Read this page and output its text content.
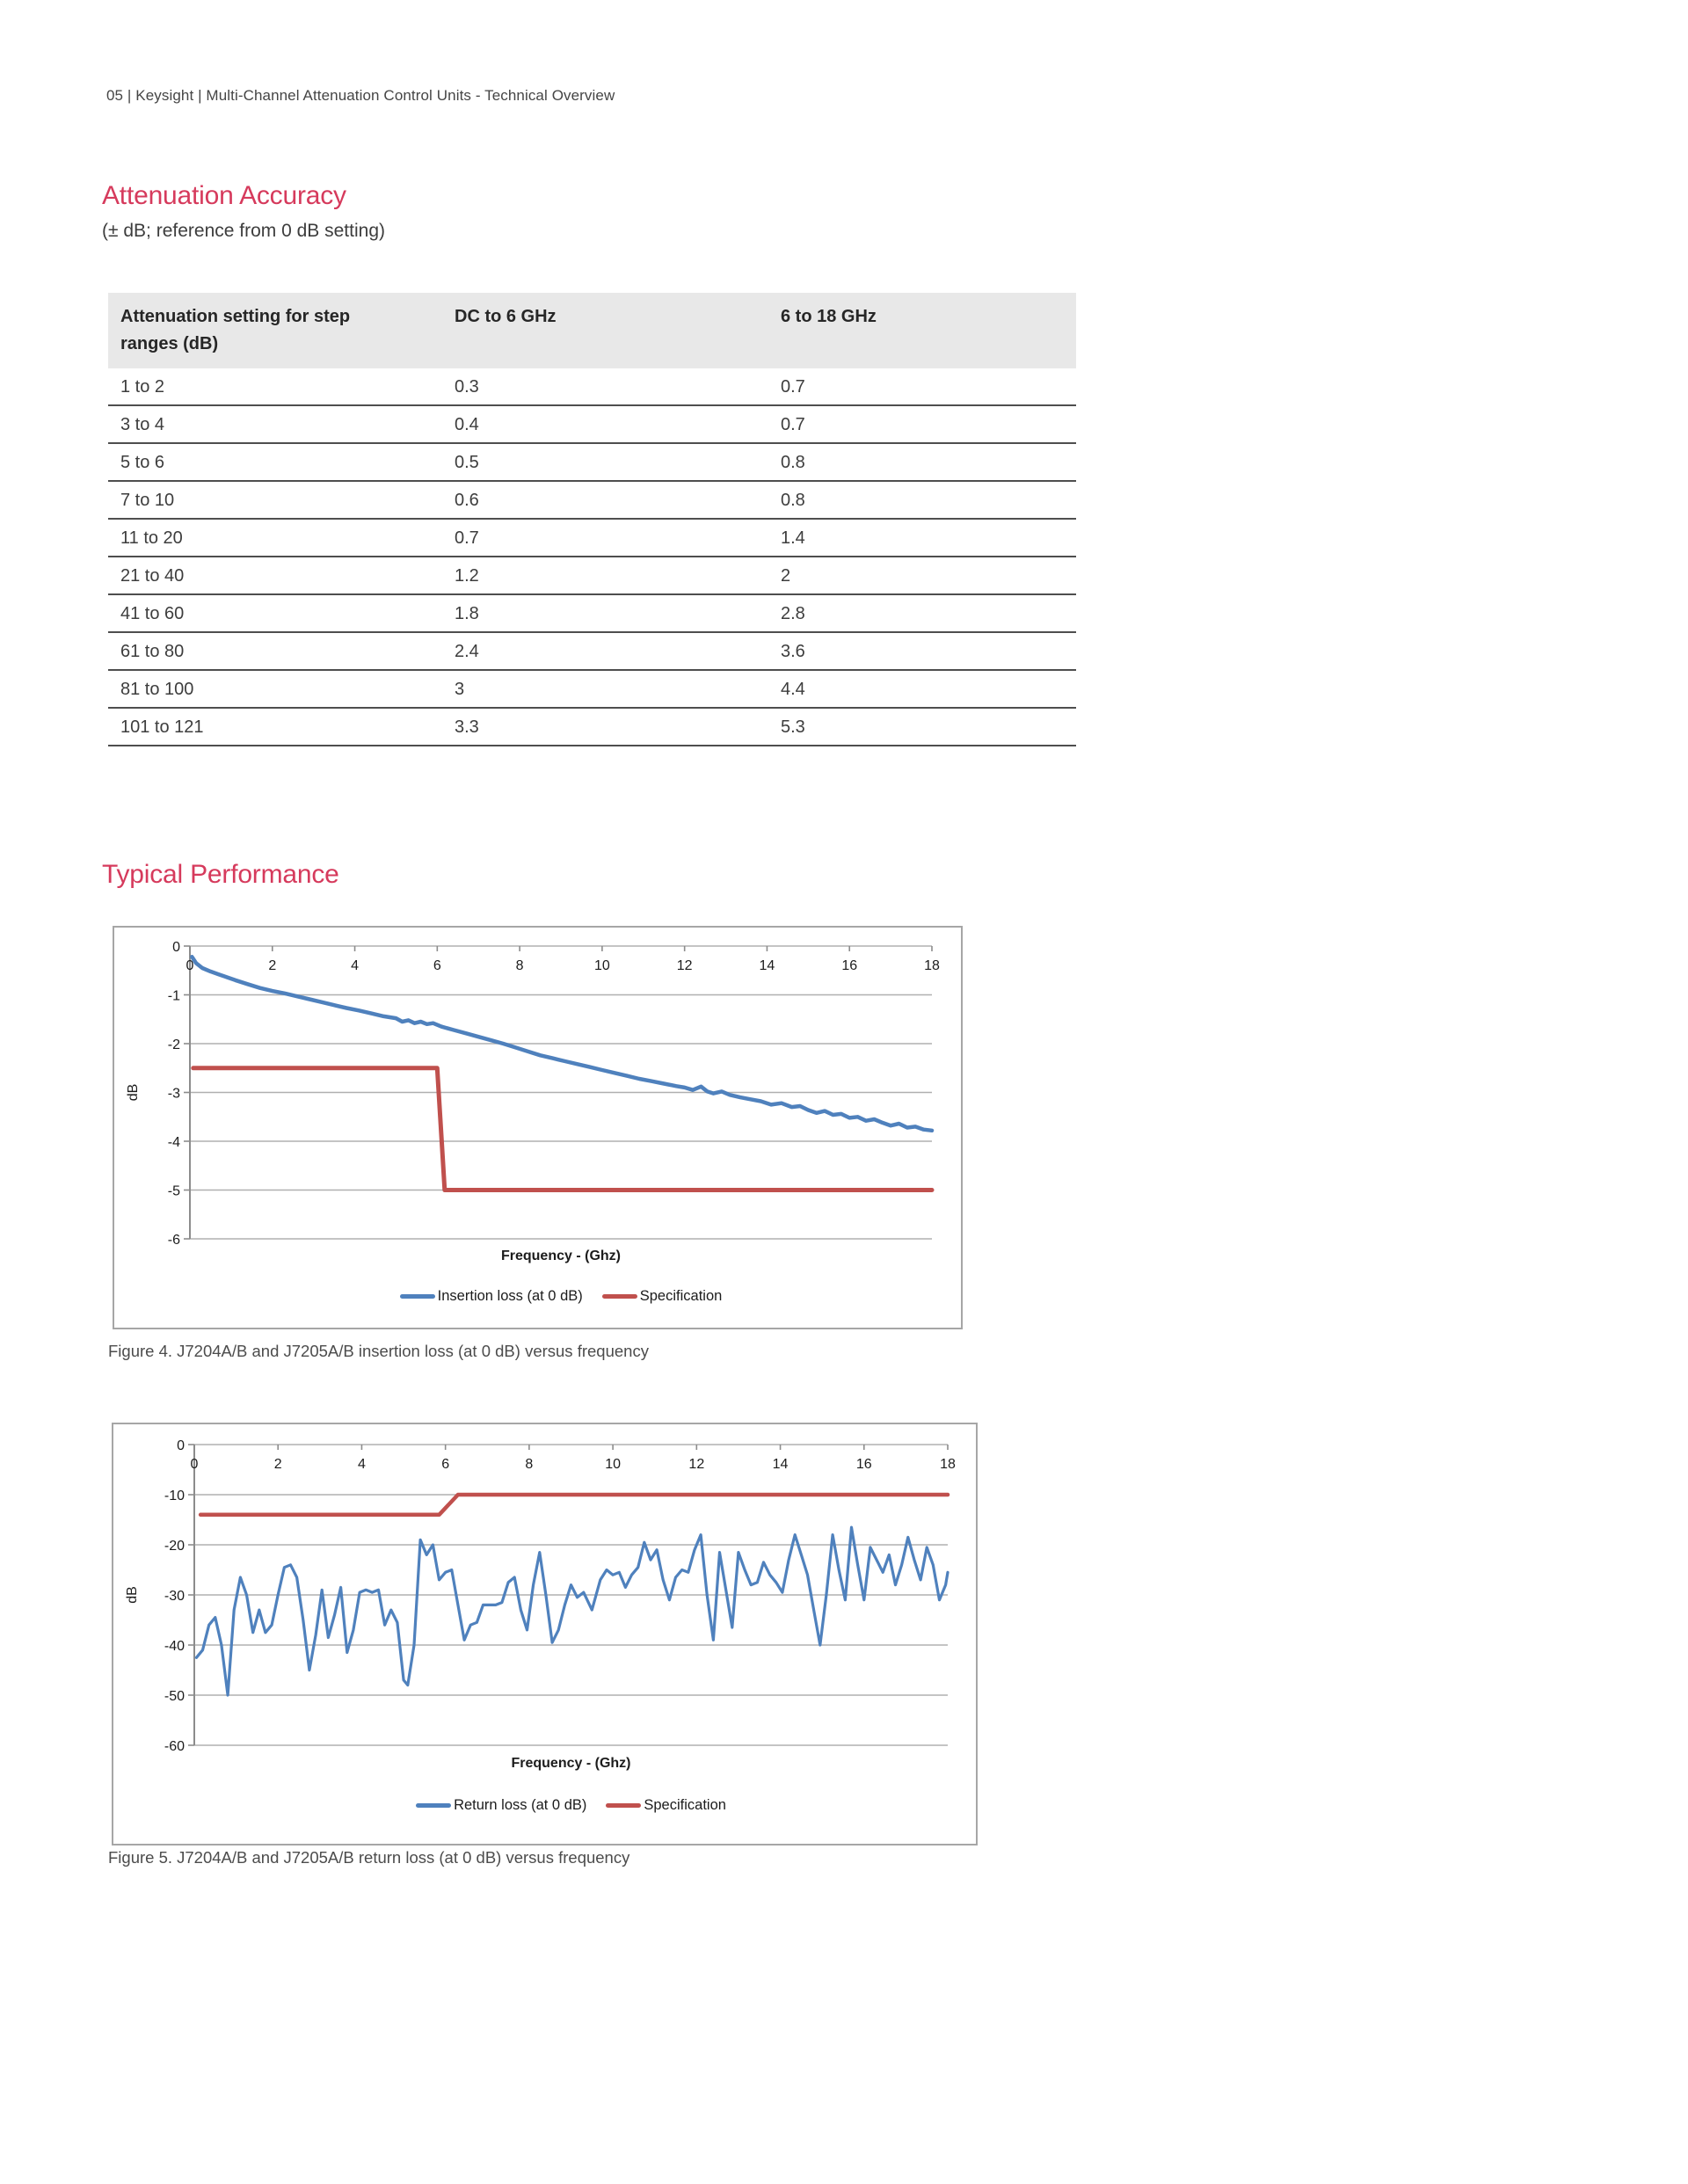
05 | Keysight | Multi-Channel Attenuation Control Units - Technical Overview
Attenuation Accuracy
(± dB; reference from 0 dB setting)
Attenuation setting for step ranges (dB)	DC to 6 GHz	6 to 18 GHz
1 to 2	0.3	0.7
3 to 4	0.4	0.7
5 to 6	0.5	0.8
7 to 10	0.6	0.8
11 to 20	0.7	1.4
21 to 40	1.2	2
41 to 60	1.8	2.8
61 to 80	2.4	3.6
81 to 100	3	4.4
101 to 121	3.3	5.3
Typical Performance
0
-1
-2
-3
-4
-5
-6
0	2	4	6	8	10	12	14	16	18
dB
Frequency - (Ghz)
Insertion loss (at 0 dB)	Specification
Figure 4. J7204A/B and J7205A/B insertion loss (at 0 dB) versus frequency
0
-10
-20
-30
-40
-50
-60
0	2	4	6	8	10	12	14	16	18
dB
Frequency - (Ghz)
Return loss (at 0 dB)	Specification
Figure 5. J7204A/B and J7205A/B return loss (at 0 dB) versus frequency
